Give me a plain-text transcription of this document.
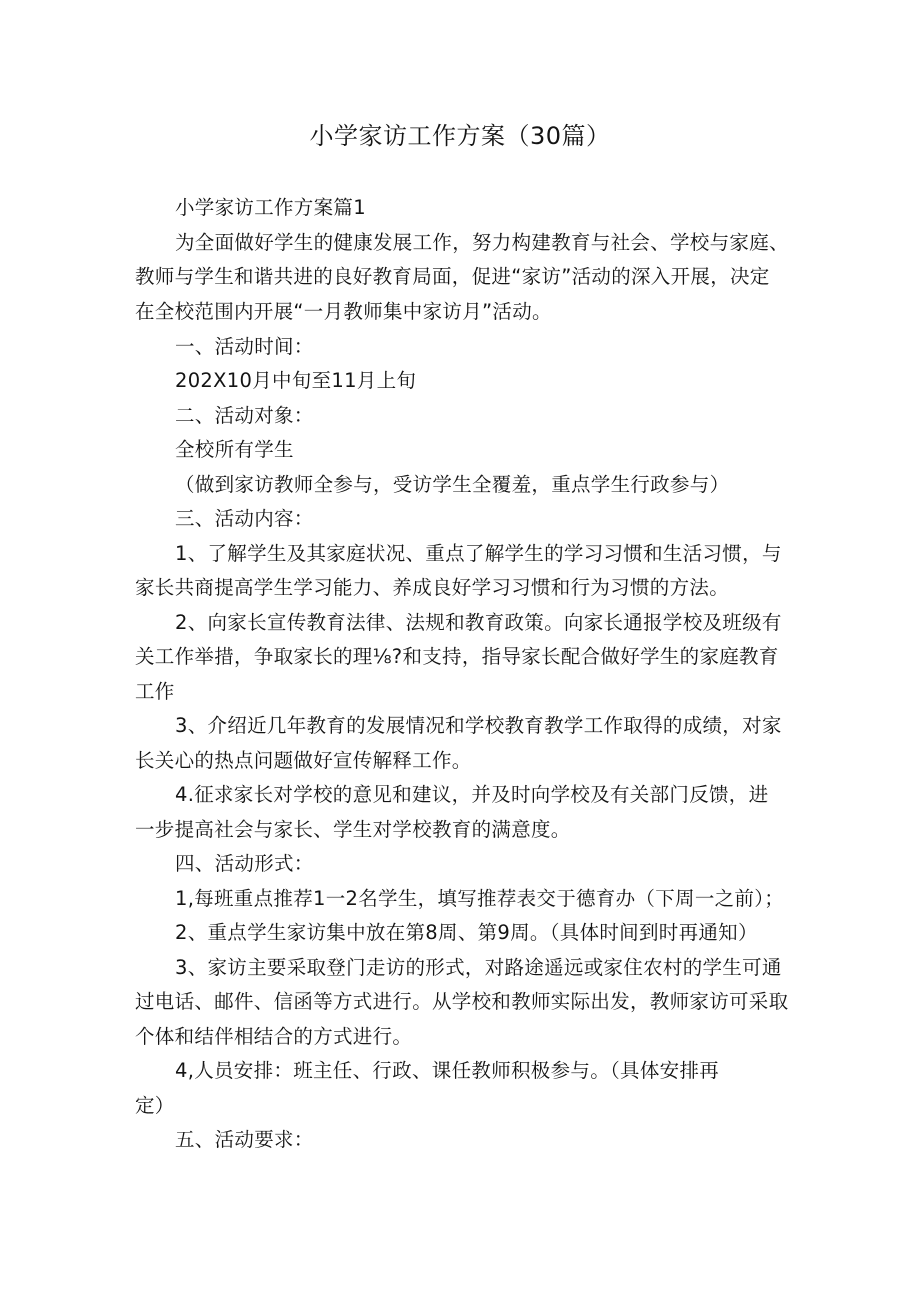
小学家访工作方案（30篇）
小学家访工作方案篇1
为全面做好学生的健康发展工作，努力构建教育与社会、学校与家庭、
教师与学生和谐共进的良好教育局面，促进“家访”活动的深入开展，决定
在全校范围内开展“一月教师集中家访月”活动。
一、活动时间：
202X10月中旬至11月上旬
二、活动对象：
全校所有学生
（做到家访教师全参与，受访学生全覆羞，重点学生行政参与）
三、活动内容：
1、了解学生及其家庭状况、重点了解学生的学习习惯和生活习惯，与
家长共商提高学生学习能力、养成良好学习习惯和行为习惯的方法。
2、向家长宣传教育法律、法规和教育政策。向家长通报学校及班级有
关工作举措，争取家长的理⅛?和支持，指导家长配合做好学生的家庭教育
工作
3、介绍近几年教育的发展情况和学校教育教学工作取得的成绩，对家
长关心的热点问题做好宣传解释工作。
4.征求家长对学校的意见和建议，并及时向学校及有关部门反馈，进
一步提高社会与家长、学生对学校教育的满意度。
四、活动形式：
1,每班重点推荐1一2名学生，填写推荐表交于德育办（下周一之前）；
2、重点学生家访集中放在第8周、第9周。（具体时间到时再通知）
3、家访主要采取登门走访的形式，对路途遥远或家住农村的学生可通
过电话、邮件、信函等方式进行。从学校和教师实际出发，教师家访可采取
个体和结伴相结合的方式进行。
4,人员安排：班主任、行政、课任教师积极参与。（具体安排再
定）
五、活动要求：
